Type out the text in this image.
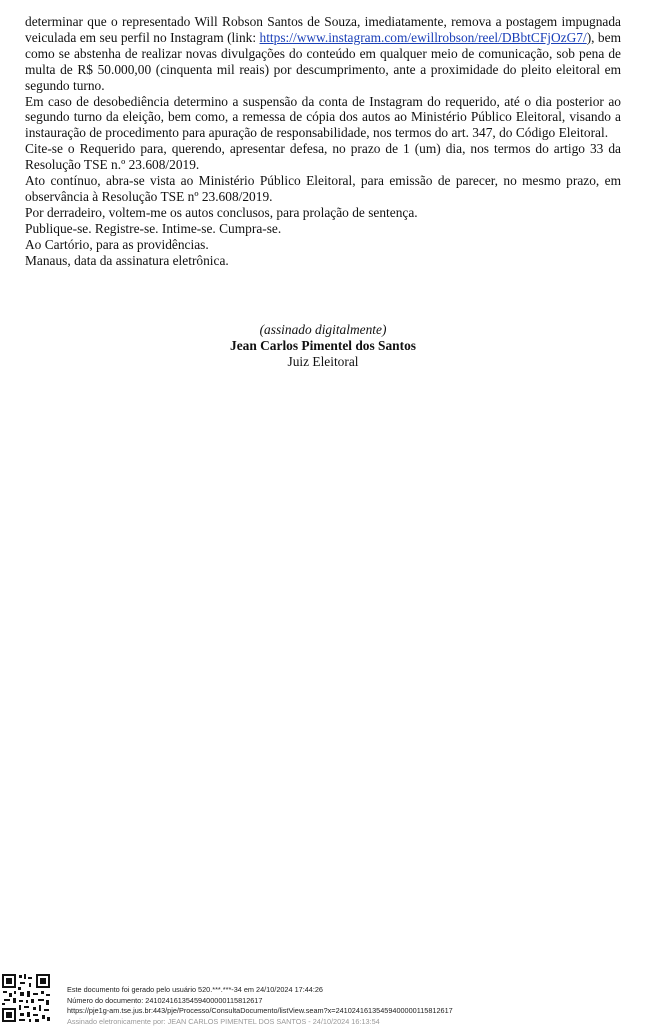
determinar que o representado Will Robson Santos de Souza, imediatamente, remova a postagem impugnada veiculada em seu perfil no Instagram (link: https://www.instagram.com/ewillrobson/reel/DBbtCFjOzG7/), bem como se abstenha de realizar novas divulgações do conteúdo em qualquer meio de comunicação, sob pena de multa de R$ 50.000,00 (cinquenta mil reais) por descumprimento, ante a proximidade do pleito eleitoral em segundo turno.

Em caso de desobediência determino a suspensão da conta de Instagram do requerido, até o dia posterior ao segundo turno da eleição, bem como, a remessa de cópia dos autos ao Ministério Público Eleitoral, visando a instauração de procedimento para apuração de responsabilidade, nos termos do art. 347, do Código Eleitoral.

Cite-se o Requerido para, querendo, apresentar defesa, no prazo de 1 (um) dia, nos termos do artigo 33 da Resolução TSE n.º 23.608/2019.

Ato contínuo, abra-se vista ao Ministério Público Eleitoral, para emissão de parecer, no mesmo prazo, em observância à Resolução TSE nº 23.608/2019.

Por derradeiro, voltem-me os autos conclusos, para prolação de sentença.

Publique-se. Registre-se. Intime-se. Cumpra-se.

Ao Cartório, para as providências.

Manaus, data da assinatura eletrônica.

(assinado digitalmente)
Jean Carlos Pimentel dos Santos
Juiz Eleitoral
Este documento foi gerado pelo usuário 520.***.***-34 em 24/10/2024 17:44:26
Número do documento: 24102416135459400000115812617
https://pje1g-am.tse.jus.br:443/pje/Processo/ConsultaDocumento/listView.seam?x=24102416135459400000115812617
Assinado eletronicamente por: JEAN CARLOS PIMENTEL DOS SANTOS - 24/10/2024 16:13:54
